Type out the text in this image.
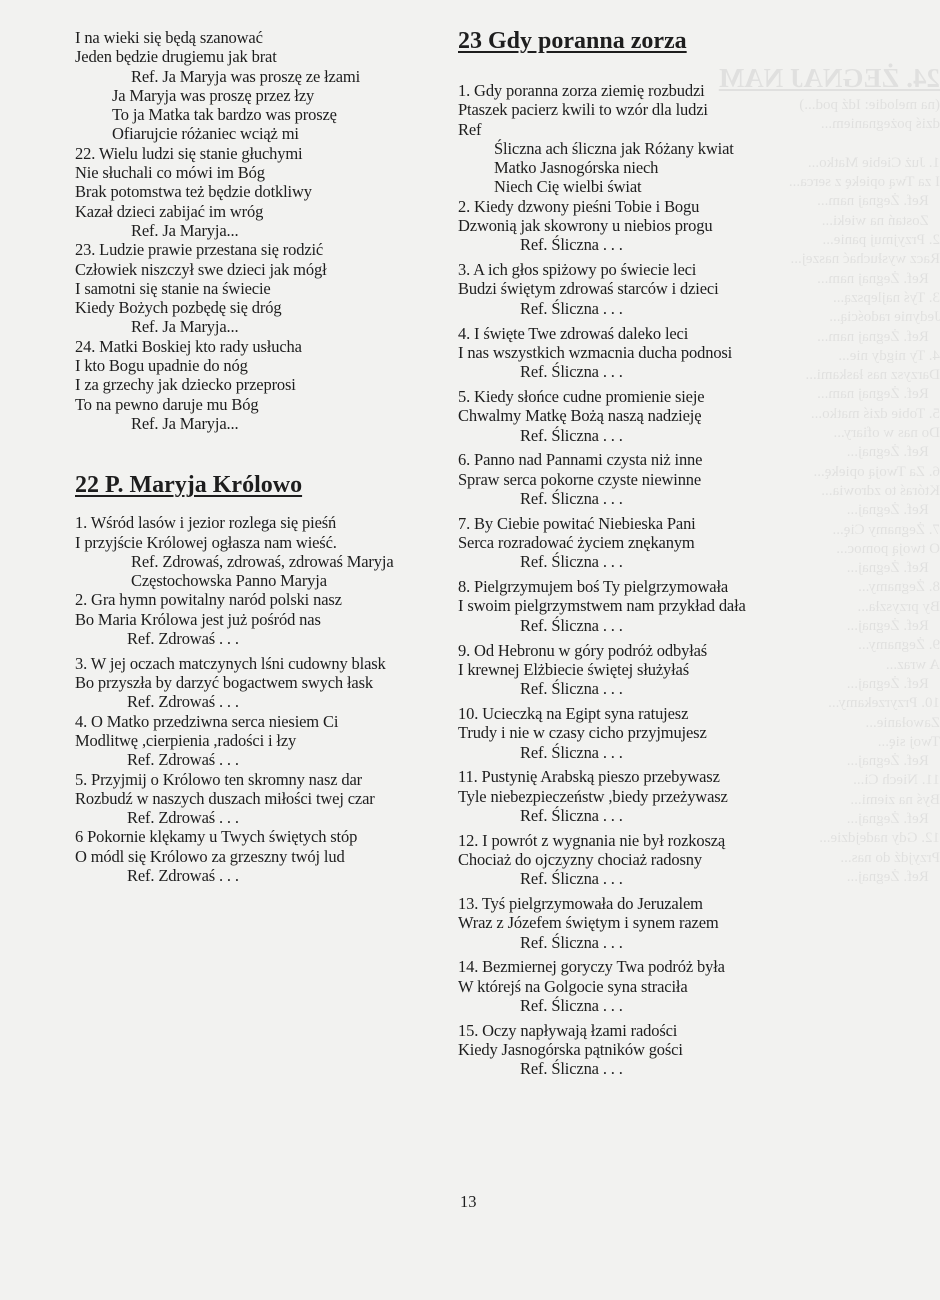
24. ŻEGNAJ NAM
(na melodie: Idź pod...)
dziś pożegnaniem...

1. Już Ciebie Matko...
I za Twą opiekę z serca...
Ref. Żegnaj nam...
Zostań na wieki...
2. Przyjmuj panie...
Racz wysłuchać naszej...
Ref. Żegnaj nam...
3. Tyś najlepszą...
Jedynie radością...
Ref. Żegnaj nam...
4. Ty nigdy nie...
Darzysz nas łaskami...
Ref. Żegnaj nam...
5. Tobie dziś matko...
Do nas w ofiary...
Ref. Żegnaj...
6. Za Twoją opiekę...
Któraś to zdrowia...
Ref. Żegnaj...
7. Żegnamy Cię...
O twoją pomoc...
Ref. Żegnaj...
8. Żegnamy...
By przyszła...
Ref. Żegnaj...
9. Żegnamy...
A wraz...
Ref. Żegnaj...
10. Przyrzekamy...
Zawołanie...
Twoj się...
Ref. Żegnaj...
11. Niech Ci...
Byś na ziemi...
Ref. Żegnaj...
12. Gdy nadejdzie...
Przyjdź do nas...
Ref. Żegnaj...
I na wieki się będą szanować
Jeden będzie drugiemu jak brat
Ref. Ja Maryja was proszę ze łzami
Ja Maryja was proszę przez łzy
To ja Matka tak bardzo was proszę
Ofiarujcie różaniec wciąż mi
22. Wielu ludzi się stanie głuchymi
Nie słuchali co mówi im Bóg
Brak potomstwa też będzie dotkliwy
Kazał dzieci zabijać im wróg
Ref. Ja Maryja...
23. Ludzie prawie przestana się rodzić
Człowiek niszczył swe dzieci jak mógł
I samotni się stanie na świecie
Kiedy Bożych pozbędę się dróg
Ref. Ja Maryja...
24. Matki Boskiej kto rady usłucha
I kto Bogu upadnie do nóg
I za grzechy jak dziecko przeprosi
To na pewno daruje mu Bóg
Ref. Ja Maryja...
22 P. Maryja Królowo
1. Wśród lasów i jezior rozlega się pieśń
I przyjście Królowej ogłasza nam wieść.
Ref. Zdrowaś, zdrowaś, zdrowaś Maryja
Częstochowska Panno Maryja
2. Gra hymn powitalny naród polski nasz
Bo Maria Królowa jest już pośród nas
Ref. Zdrowaś . . .
3. W jej oczach matczynych lśni cudowny blask
Bo przyszła by darzyć bogactwem swych łask
Ref. Zdrowaś . . .
4. O Matko przedziwna serca niesiem Ci
Modlitwę ,cierpienia ,radości i łzy
Ref. Zdrowaś . . .
5. Przyjmij o Królowo ten skromny nasz dar
Rozbudź w naszych duszach miłości twej czar
Ref. Zdrowaś . . .
6 Pokornie klękamy u Twych świętych stóp
O módl się Królowo za grzeszny twój lud
Ref. Zdrowaś . . .
23 Gdy poranna zorza
1. Gdy poranna zorza ziemię rozbudzi
Ptaszek pacierz kwili to wzór dla ludzi
Ref
Śliczna ach śliczna jak Różany kwiat
Matko Jasnogórska niech
Niech Cię wielbi świat
2. Kiedy dzwony pieśni Tobie i Bogu
Dzwonią jak skowrony u niebios progu
Ref. Śliczna . . .
3. A ich głos spiżowy po świecie leci
Budzi świętym zdrowaś starców i dzieci
Ref. Śliczna . . .
4. I święte Twe zdrowaś daleko leci
I nas wszystkich wzmacnia ducha podnosi
Ref. Śliczna . . .
5. Kiedy słońce cudne promienie sieje
Chwalmy Matkę Bożą naszą nadzieję
Ref. Śliczna . . .
6. Panno nad Pannami czysta niż inne
Spraw serca pokorne czyste niewinne
Ref. Śliczna . . .
7. By Ciebie powitać Niebieska Pani
Serca rozradować życiem znękanym
Ref. Śliczna . . .
8. Pielgrzymujem boś Ty pielgrzymowała
I swoim pielgrzymstwem nam przykład dała
Ref. Śliczna . . .
9. Od Hebronu w góry podróż odbyłaś
I krewnej Elżbiecie świętej służyłaś
Ref. Śliczna . . .
10. Ucieczką na Egipt syna ratujesz
Trudy i nie w czasy cicho przyjmujesz
Ref. Śliczna . . .
11. Pustynię Arabską pieszo przebywasz
Tyle niebezpieczeństw ,biedy przeżywasz
Ref. Śliczna . . .
12. I powrót z wygnania nie był rozkoszą
Chociaż do ojczyzny chociaż radosny
Ref. Śliczna . . .
13. Tyś pielgrzymowała do Jeruzalem
Wraz z Józefem świętym i synem razem
Ref. Śliczna . . .
14. Bezmiernej goryczy Twa podróż była
W którejś na Golgocie syna straciła
Ref. Śliczna . . .
15. Oczy napływają łzami radości
Kiedy Jasnogórska pątników gości
Ref. Śliczna . . .
13
